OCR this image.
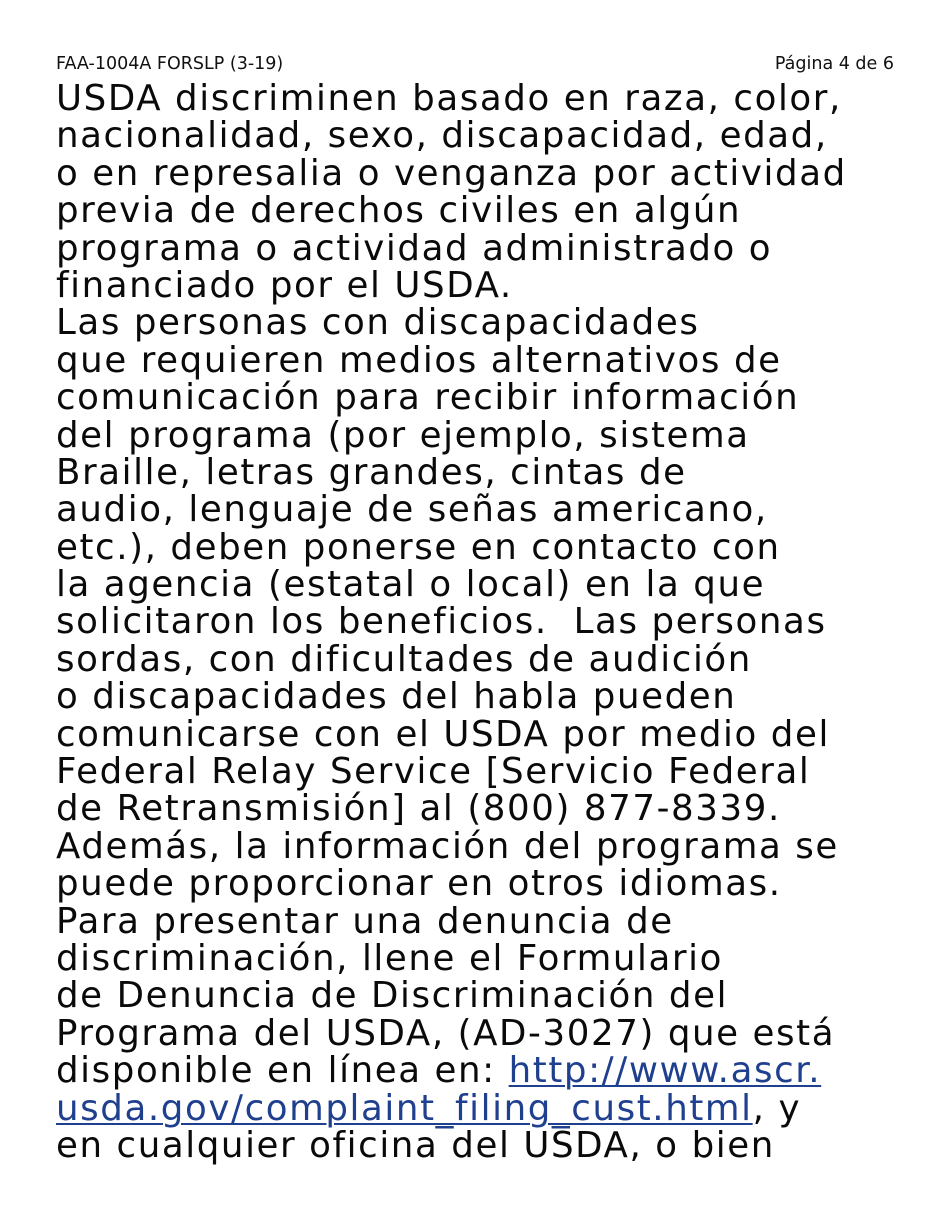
FAA-1004A FORSLP (3-19)	Página 4 de 6
USDA discriminen basado en raza, color,
nacionalidad, sexo, discapacidad, edad,
o en represalia o venganza por actividad
previa de derechos civiles en algún
programa o actividad administrado o
financiado por el USDA.
Las personas con discapacidades
que requieren medios alternativos de
comunicación para recibir información
del programa (por ejemplo, sistema
Braille, letras grandes, cintas de
audio, lenguaje de señas americano,
etc.), deben ponerse en contacto con
la agencia (estatal o local) en la que
solicitaron los beneficios.  Las personas
sordas, con dificultades de audición
o discapacidades del habla pueden
comunicarse con el USDA por medio del
Federal Relay Service [Servicio Federal
de Retransmisión] al (800) 877-8339.
Además, la información del programa se
puede proporcionar en otros idiomas.
Para presentar una denuncia de
discriminación, llene el Formulario
de Denuncia de Discriminación del
Programa del USDA, (AD-3027) que está
disponible en línea en: http://www.ascr.
usda.gov/complaint_filing_cust.html, y
en cualquier oficina del USDA, o bien
